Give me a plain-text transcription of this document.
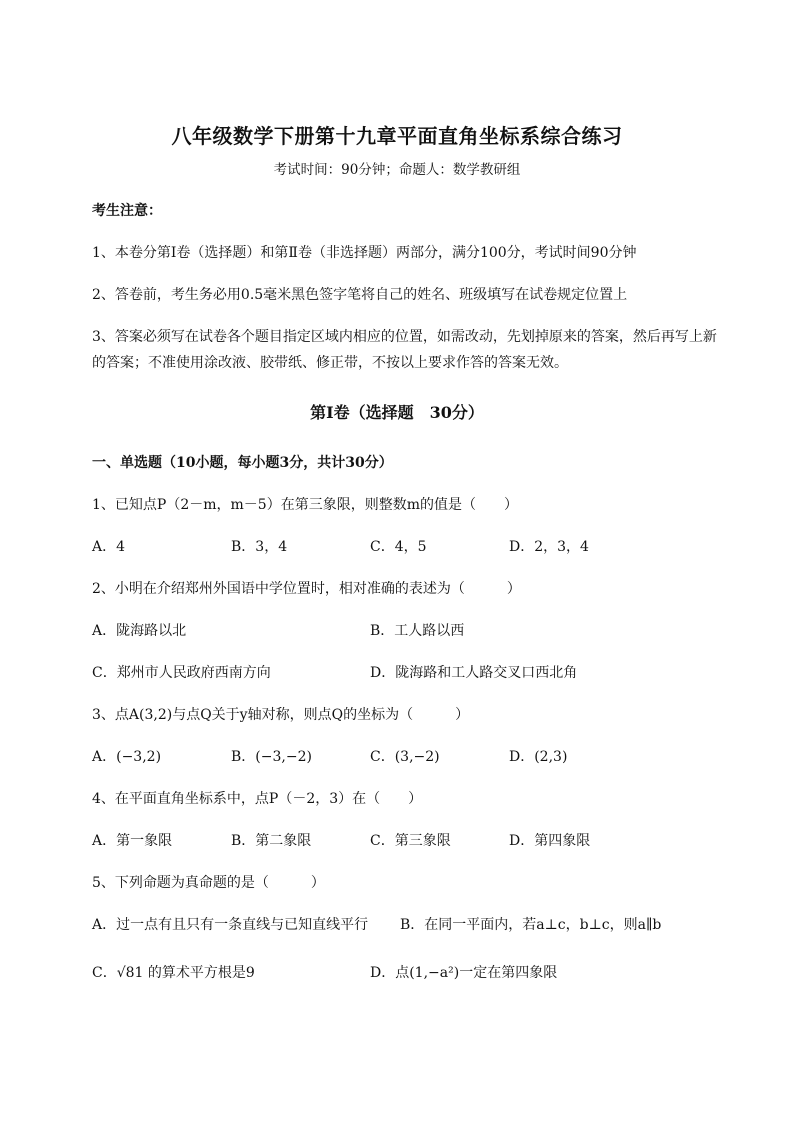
八年级数学下册第十九章平面直角坐标系综合练习
考试时间：90分钟；命题人：数学教研组
考生注意：
1、本卷分第Ⅰ卷（选择题）和第Ⅱ卷（非选择题）两部分，满分100分，考试时间90分钟
2、答卷前，考生务必用0.5毫米黑色签字笔将自己的姓名、班级填写在试卷规定位置上
3、答案必须写在试卷各个题目指定区域内相应的位置，如需改动，先划掉原来的答案，然后再写上新
的答案；不准使用涂改液、胶带纸、修正带，不按以上要求作答的答案无效。
第Ⅰ卷（选择题　30分）
一、单选题（10小题，每小题3分，共计30分）
1、已知点P（2－m，m－5）在第三象限，则整数m的值是（　　）
A．4	B．3，4	C．4，5	D．2，3，4
2、小明在介绍郑州外国语中学位置时，相对准确的表述为（　　　）
A．陇海路以北	B．工人路以西
C．郑州市人民政府西南方向	D．陇海路和工人路交叉口西北角
3、点A(3,2)与点Q关于y轴对称，则点Q的坐标为（　　　）
A．(−3,2)	B．(−3,−2)	C．(3,−2)	D．(2,3)
4、在平面直角坐标系中，点P（－2，3）在（　　）
A．第一象限	B．第二象限	C．第三象限	D．第四象限
5、下列命题为真命题的是（　　　）
A．过一点有且只有一条直线与已知直线平行 B．在同一平面内，若a⊥c，b⊥c，则a∥b
C．√81 的算术平方根是9	D．点(1,−a²)一定在第四象限
